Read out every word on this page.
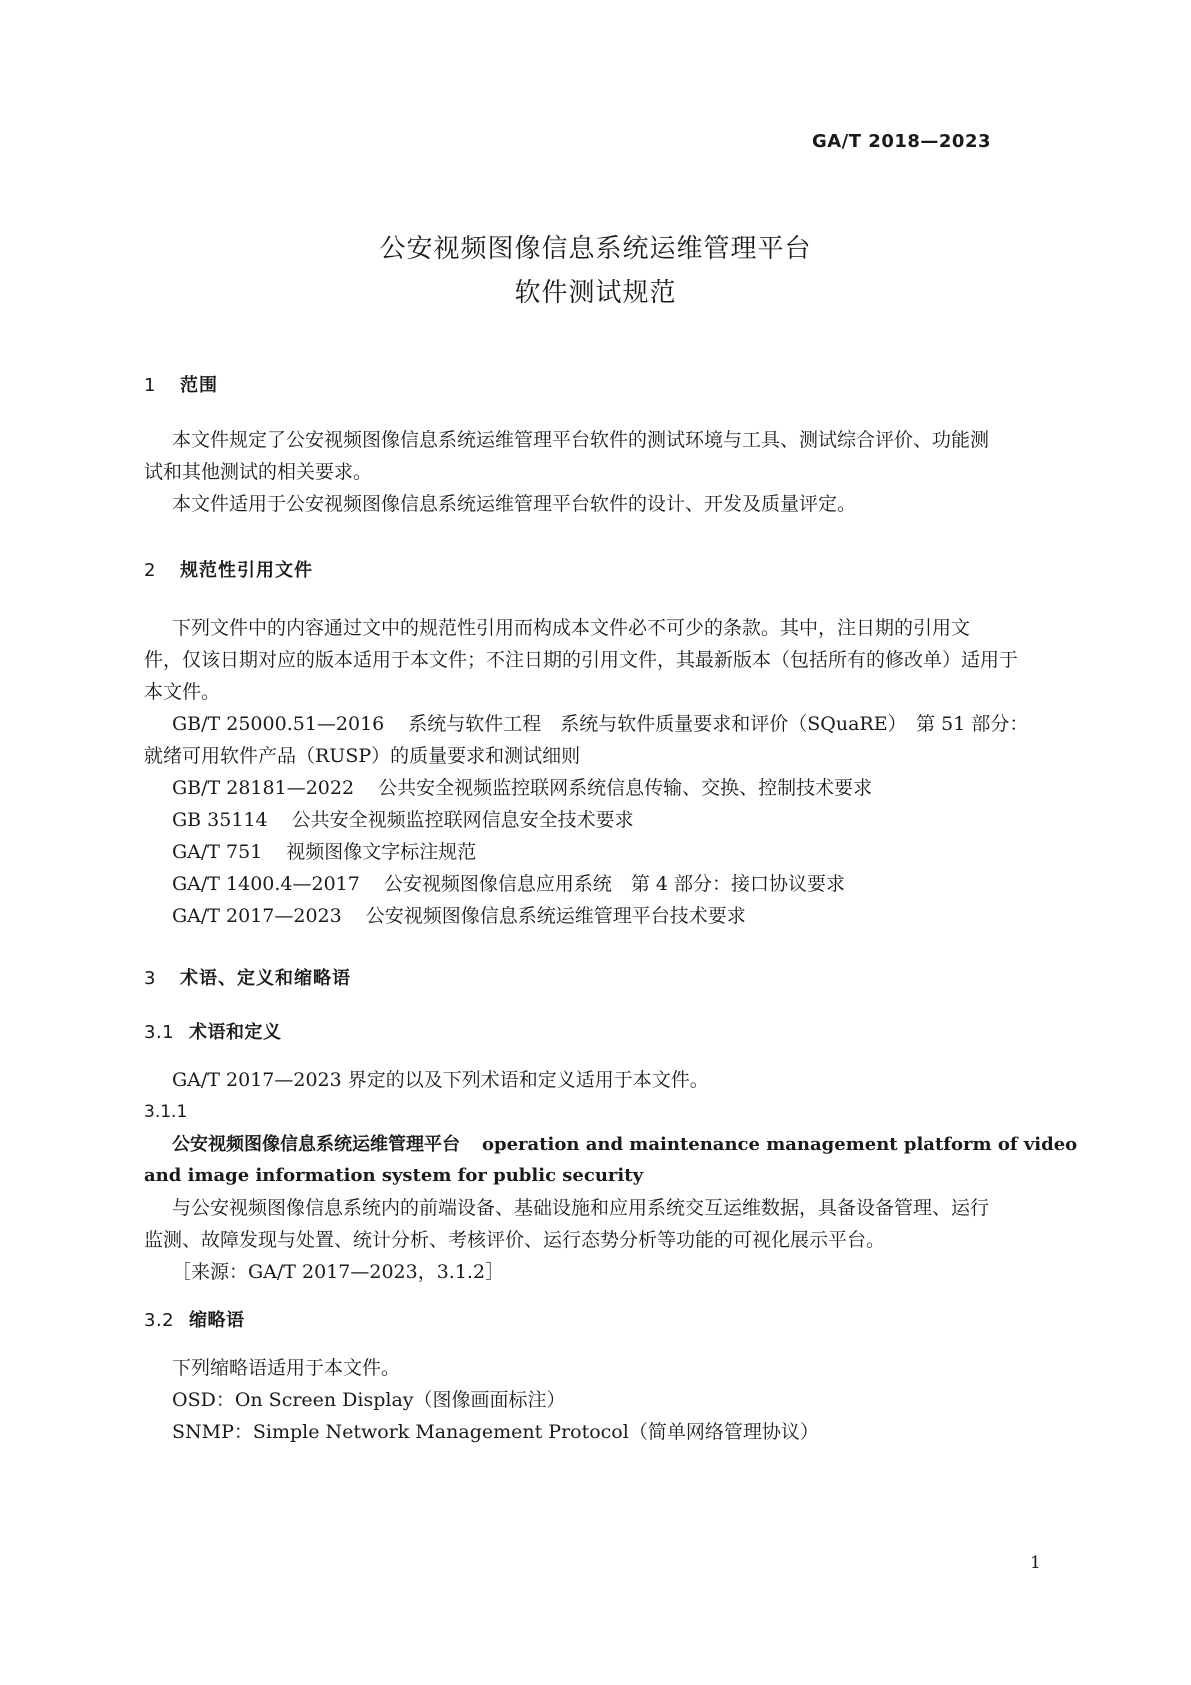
GA/T 2018—2023
公安视频图像信息系统运维管理平台
软件测试规范
1 范围
本文件规定了公安视频图像信息系统运维管理平台软件的测试环境与工具、测试综合评价、功能测
试和其他测试的相关要求。
本文件适用于公安视频图像信息系统运维管理平台软件的设计、开发及质量评定。
2 规范性引用文件
下列文件中的内容通过文中的规范性引用而构成本文件必不可少的条款。其中，注日期的引用文
件，仅该日期对应的版本适用于本文件；不注日期的引用文件，其最新版本（包括所有的修改单）适用于
本文件。
GB/T 25000.51—2016 系统与软件工程　系统与软件质量要求和评价（SQuaRE）　第 51 部分：
就绪可用软件产品（RUSP）的质量要求和测试细则
GB/T 28181—2022 公共安全视频监控联网系统信息传输、交换、控制技术要求
GB 35114 公共安全视频监控联网信息安全技术要求
GA/T 751 视频图像文字标注规范
GA/T 1400.4—2017 公安视频图像信息应用系统　第 4 部分：接口协议要求
GA/T 2017—2023 公安视频图像信息系统运维管理平台技术要求
3 术语、定义和缩略语
3.1 术语和定义
GA/T 2017—2023 界定的以及下列术语和定义适用于本文件。
3.1.1
公安视频图像信息系统运维管理平台 operation and maintenance management platform of video
and image information system for public security
与公安视频图像信息系统内的前端设备、基础设施和应用系统交互运维数据，具备设备管理、运行
监测、故障发现与处置、统计分析、考核评价、运行态势分析等功能的可视化展示平台。
［来源：GA/T 2017—2023，3.1.2］
3.2 缩略语
下列缩略语适用于本文件。
OSD：On Screen Display（图像画面标注）
SNMP：Simple Network Management Protocol（简单网络管理协议）
1
